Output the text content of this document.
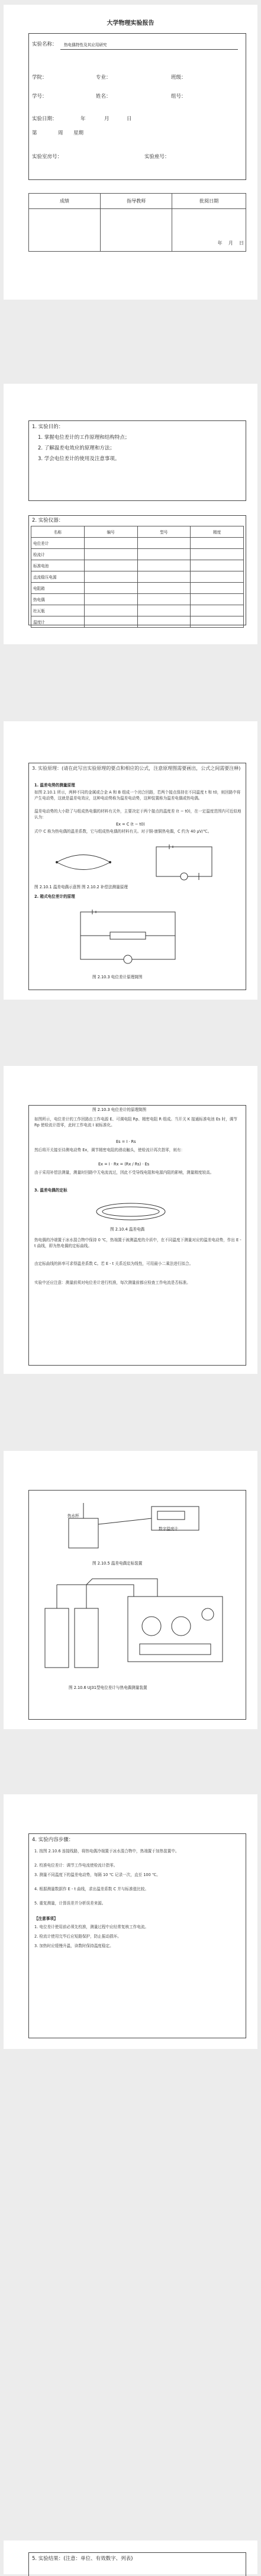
大学物理实验报告
实验名称： 热电偶特性及其应用研究
学院：	专业：	班级：
学号：	姓名：	组号：
实验日期：	年	月	日
第	周 星期
实验室房号：	实验座号：
成绩	指导教师	批阅日期
		年 月 日
1. 实验目的：
1. 掌握电位差计的工作原理和结构特点；
2. 了解温差电效应的原理和方法；
3. 学会电位差计的使用及注意事项。
2. 实验仪器：
名称	编号	型号	精度
电位差计			
检流计			
标准电池			
直流稳压电源			
电阻箱			
热电偶			
杜瓦瓶			
温度计			
3. 实验原理：(请在此写出实验原理的要点和相应的公式，注意原理图需要画出，公式之间需要注释)
1. 温差电势的测量原理
如图 2.10.1 所示，两种不同的金属或合金 A 和 B 组成一个闭合回路，若两个接点保持在不同温度 t 和 t0，则回路中将产生电动势，这就是温差电效应，这种电动势称为温差电动势，这种装置称为温差电偶或热电偶。
温差电动势的大小除了与组成热电偶的材料有关外，主要决定于两个接点的温度差 (t − t0)，在一定温度范围内可近似地认为：
Ex = C (t − t0)
式中 C 称为热电偶的温差系数，它与组成热电偶的材料有关。对于铜-康铜热电偶，C 约为 40 μV/℃。
图 2.10.1 温差电偶示意图 图 2.10.2 补偿法测量原理
2. 箱式电位差计的原理
图 2.10.3 电位差计原理简图
图 2.10.3 电位差计的原理简图
如图所示，电位差计的工作回路由工作电源 E、可调电阻 Rp、精密电阻 R 组成。当开关 K 接通标准电池 Es 时，调节 Rp 使检流计指零，此时工作电流 I 被标准化。
Es = I · Rs
然后将开关接至待测电动势 Ex，调节精密电阻的滑动触头，使检流计再次指零，则有：
Ex = I · Rx = (Rx / Rs) · Es
由于采用补偿法测量，测量时回路中无电流流过，因此不受导线电阻和电源内阻的影响，测量精度较高。
3. 温差电偶的定标
图 2.10.4 温差电偶
热电偶的冷端置于冰水混合物中保持 0 ℃，热端置于被测温度的介质中，在不同温度下测量对应的温差电动势，作出 E - t 曲线，即为热电偶的定标曲线。
由定标曲线的斜率可求得温差系数 C。若 E - t 关系近似为线性，可用最小二乘法进行拟合。
实验中还应注意：测量前须对电位差计进行校准，每次测量前都应检查工作电流是否标准。
热水杯
数字温度计
图 2.10.5 温差电偶定标装置
图 2.10.6 UJ31型电位差计与热电偶测量装置
4. 实验内容步骤：
1. 按图 2.10.6 连接线路，将热电偶冷端置于冰水混合物中，热端置于加热装置中。
2. 校准电位差计：调节工作电流使检流计指零。
3. 测量不同温度下的温差电动势，每隔 10 ℃ 记录一次，直至 100 ℃。
4. 根据测量数据作 E - t 曲线，求出温差系数 C 并与标准值比较。
5. 重复测量，计算误差并分析误差来源。
【注意事项】
1. 电位差计使用前必须先校准，测量过程中应经常复核工作电流。
2. 检流计使用完毕后应短路保护，防止振动损坏。
3. 加热时应缓慢升温，读数时保持温度稳定。
5. 实验结果：(注意：单位、有效数字、列表)
